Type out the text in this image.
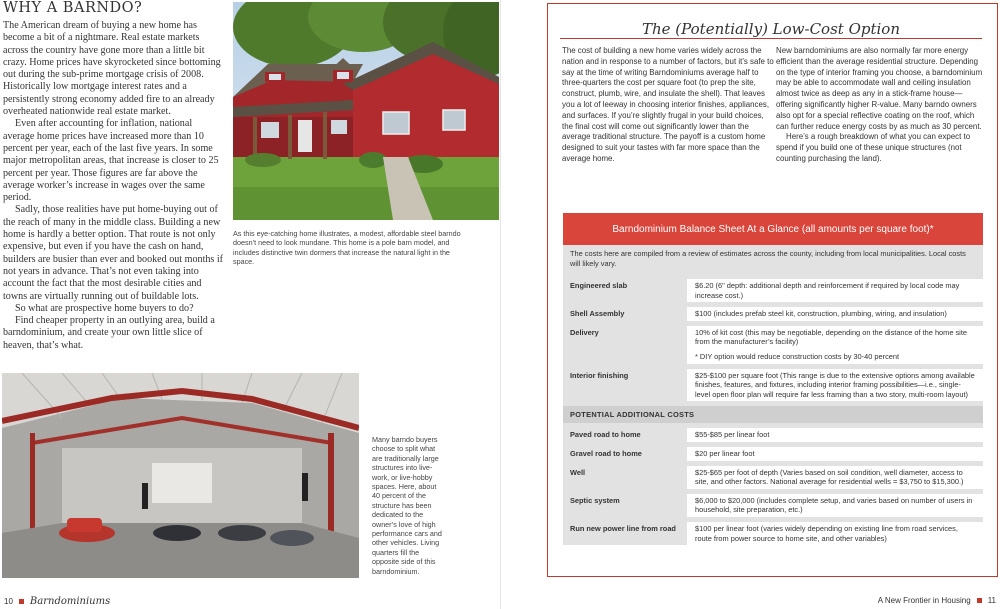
WHY A BARNDO?

The American dream of buying a new home has become a bit of a nightmare. Real estate markets across the country have gone more than a little bit crazy. Home prices have skyrocketed since bottoming out during the sub-prime mortgage crisis of 2008. Historically low mortgage interest rates and a persistently strong economy added fire to an already overheated nationwide real estate market.

Even after accounting for inflation, national average home prices have increased more than 10 percent per year, each of the last five years. In some major metropolitan areas, that increase is closer to 25 percent per year. Those figures are far above the average worker’s increase in wages over the same period.

Sadly, those realities have put home-buying out of the reach of many in the middle class. Building a new home is hardly a better option. That route is not only expensive, but even if you have the cash on hand, builders are busier than ever and booked out months if not years in advance. That’s not even taking into account the fact that the most desirable cities and towns are virtually running out of buildable lots.

So what are prospective home buyers to do?

Find cheaper property in an outlying area, build a barndominium, and create your own little slice of heaven, that’s what.

As this eye-catching home illustrates, a modest, affordable steel barndo doesn’t need to look mundane. This home is a pole barn model, and includes distinctive twin dormers that increase the natural light in the space.
Many barndo buyers choose to split what are traditionally large structures into live-work, or live-hobby spaces. Here, about 40 percent of the structure has been dedicated to the owner’s love of high performance cars and other vehicles. Living quarters fill the opposite side of this barndominium.
10 Barndominiums
The (Potentially) Low-Cost Option

The cost of building a new home varies widely across the nation and in response to a number of factors, but it’s safe to say at the time of writing Barndominiums average half to three-quarters the cost per square foot (to prep the site, construct, plumb, wire, and insulate the shell). That leaves you a lot of leeway in choosing interior finishes, appliances, and surfaces. If you’re slightly frugal in your build choices, the final cost will come out significantly lower than the average traditional structure. The payoff is a custom home designed to suit your tastes with far more space than the average home.

New barndominiums are also normally far more energy efficient than the average residential structure. Depending on the type of interior framing you choose, a barndominium may be able to accommodate wall and ceiling insulation almost twice as deep as any in a stick-frame house—offering significantly higher R-value. Many barndo owners also opt for a special reflective coating on the roof, which can further reduce energy costs by as much as 30 percent.

Here’s a rough breakdown of what you can expect to spend if you build one of these unique structures (not counting purchasing the land).

Barndominium Balance Sheet At a Glance (all amounts per square foot)*
The costs here are compiled from a review of estimates across the county, including from local municipalities. Local costs will likely vary.
Engineered slab	$6.20 (6" depth: additional depth and reinforcement if required by local code may increase cost.)
Shell Assembly	$100 (includes prefab steel kit, construction, plumbing, wiring, and insulation)
Delivery	10% of kit cost (this may be negotiable, depending on the distance of the home site from the manufacturer’s facility)
* DIY option would reduce construction costs by 30-40 percent
Interior finishing	$25-$100 per square foot (This range is due to the extensive options among available finishes, features, and fixtures, including interior framing possibilities—i.e., single-level open floor plan will require far less framing than a two story, multi-room layout)
POTENTIAL ADDITIONAL COSTS
Paved road to home	$55-$85 per linear foot
Gravel road to home	$20 per linear foot
Well	$25-$65 per foot of depth (Varies based on soil condition, well diameter, access to site, and other factors. National average for residential wells = $3,750 to $15,300.)
Septic system	$6,000 to $20,000 (includes complete setup, and varies based on number of users in household, site preparation, etc.)
Run new power line from road	$100 per linear foot (varies widely depending on existing line from road services, route from power source to home site, and other variables)
A New Frontier in Housing 11
